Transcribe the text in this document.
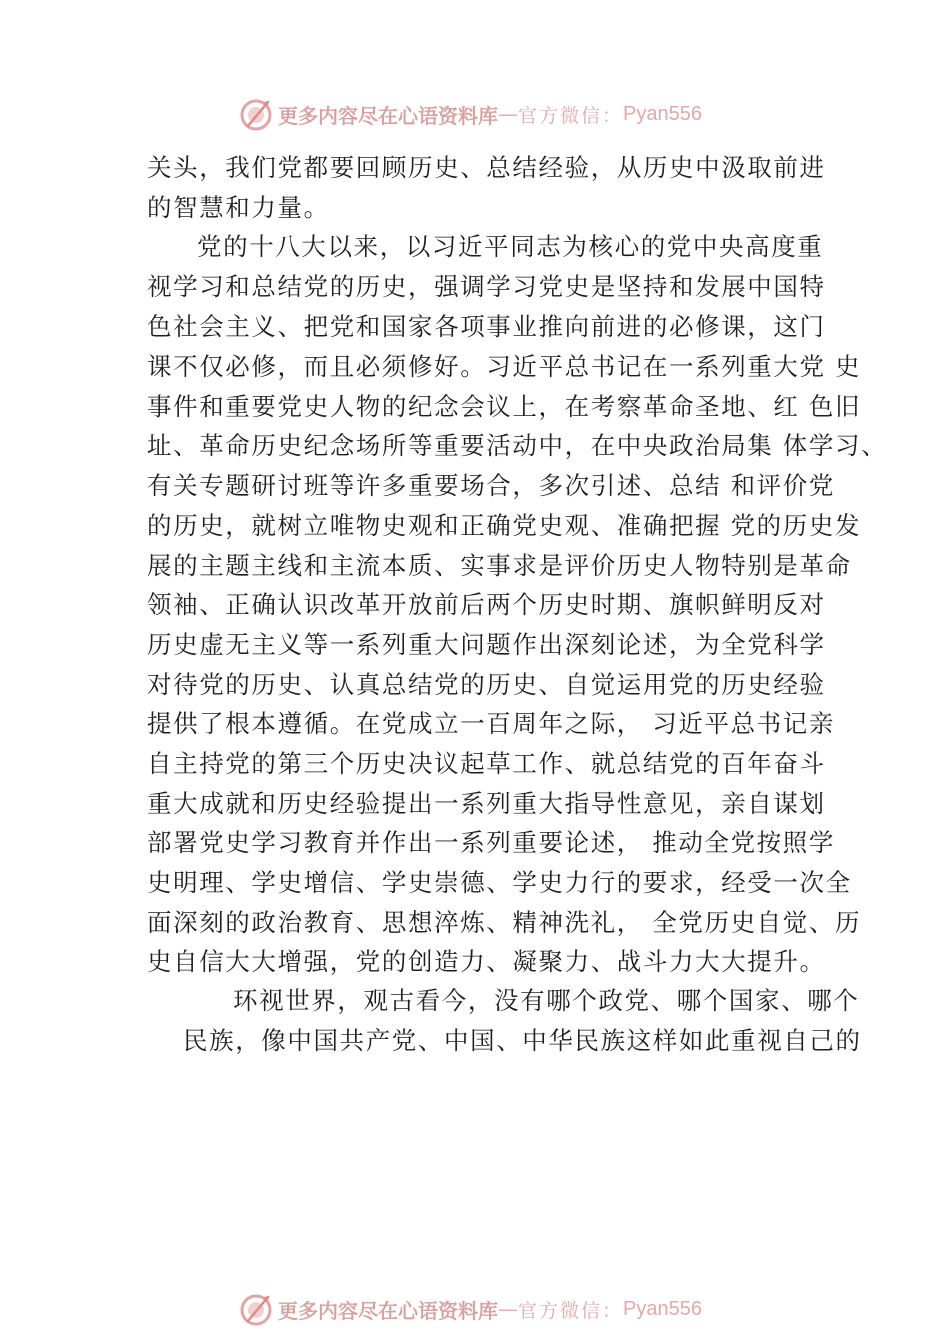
更多内容尽在心语资料库 — 官方微信： Pyan556
关头，我们党都要回顾历史、总结经验，从历史中汲取前进
的智慧和力量。
党的十八大以来，以习近平同志为核心的党中央高度重
视学习和总结党的历史，强调学习党史是坚持和发展中国特
色社会主义、把党和国家各项事业推向前进的必修课，这门
课不仅必修，而且必须修好。习近平总书记在一系列重大党 史
事件和重要党史人物的纪念会议上，在考察革命圣地、红 色旧
址、革命历史纪念场所等重要活动中，在中央政治局集 体学习、
有关专题研讨班等许多重要场合，多次引述、总结 和评价党
的历史，就树立唯物史观和正确党史观、准确把握 党的历史发
展的主题主线和主流本质、实事求是评价历史人物特别是革命
领袖、正确认识改革开放前后两个历史时期、旗帜鲜明反对
历史虚无主义等一系列重大问题作出深刻论述，为全党科学
对待党的历史、认真总结党的历史、自觉运用党的历史经验
提供了根本遵循。在党成立一百周年之际， 习近平总书记亲
自主持党的第三个历史决议起草工作、就总结党的百年奋斗
重大成就和历史经验提出一系列重大指导性意见，亲自谋划
部署党史学习教育并作出一系列重要论述， 推动全党按照学
史明理、学史增信、学史崇德、学史力行的要求，经受一次全
面深刻的政治教育、思想淬炼、精神洗礼， 全党历史自觉、历
史自信大大增强，党的创造力、凝聚力、战斗力大大提升。
环视世界，观古看今，没有哪个政党、哪个国家、哪个
民族，像中国共产党、中国、中华民族这样如此重视自己的
更多内容尽在心语资料库 — 官方微信： Pyan556
